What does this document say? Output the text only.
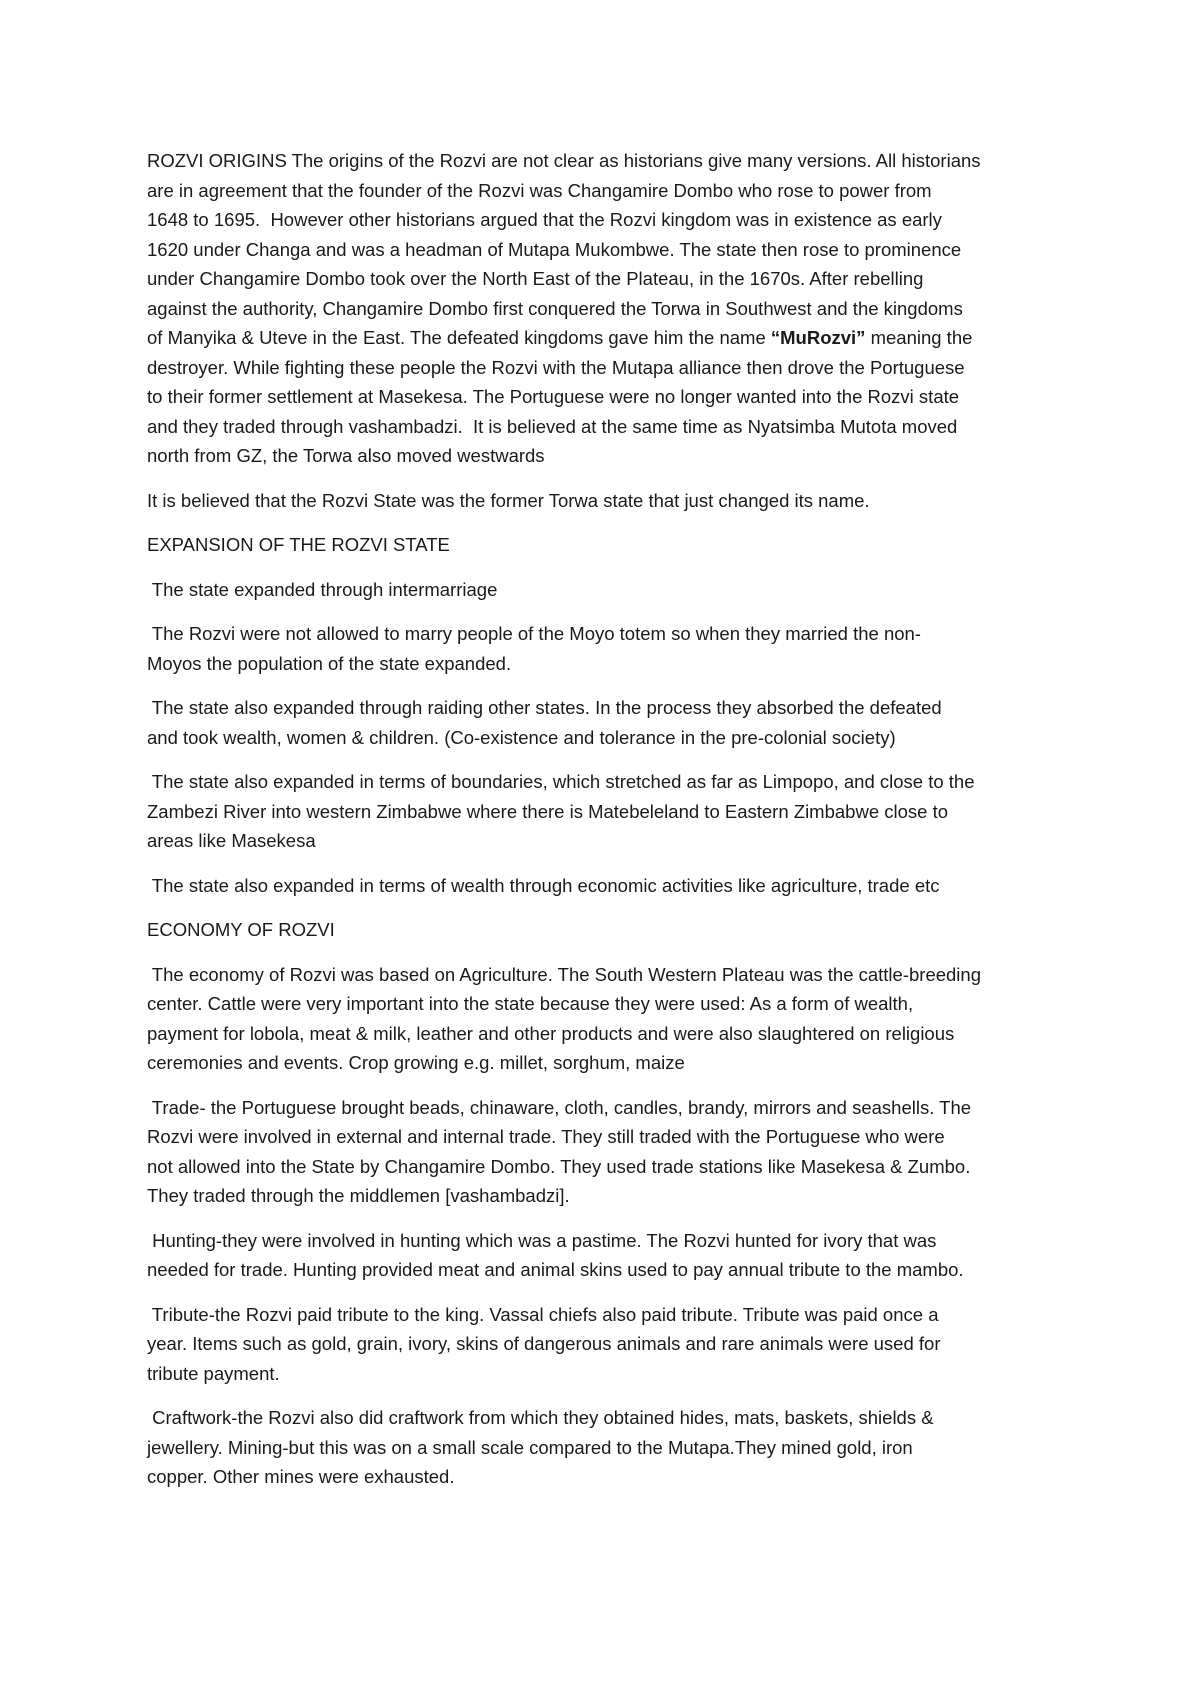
ROZVI ORIGINS The origins of the Rozvi are not clear as historians give many versions. All historians
are in agreement that the founder of the Rozvi was Changamire Dombo who rose to power from
1648 to 1695.  However other historians argued that the Rozvi kingdom was in existence as early
1620 under Changa and was a headman of Mutapa Mukombwe. The state then rose to prominence
under Changamire Dombo took over the North East of the Plateau, in the 1670s. After rebelling
against the authority, Changamire Dombo first conquered the Torwa in Southwest and the kingdoms
of Manyika & Uteve in the East. The defeated kingdoms gave him the name “MuRozvi” meaning the
destroyer. While fighting these people the Rozvi with the Mutapa alliance then drove the Portuguese
to their former settlement at Masekesa. The Portuguese were no longer wanted into the Rozvi state
and they traded through vashambadzi.  It is believed at the same time as Nyatsimba Mutota moved
north from GZ, the Torwa also moved westwards

It is believed that the Rozvi State was the former Torwa state that just changed its name.

EXPANSION OF THE ROZVI STATE

The state expanded through intermarriage

The Rozvi were not allowed to marry people of the Moyo totem so when they married the non-
Moyos the population of the state expanded.

The state also expanded through raiding other states. In the process they absorbed the defeated
and took wealth, women & children. (Co-existence and tolerance in the pre-colonial society)

The state also expanded in terms of boundaries, which stretched as far as Limpopo, and close to the
Zambezi River into western Zimbabwe where there is Matebeleland to Eastern Zimbabwe close to
areas like Masekesa

The state also expanded in terms of wealth through economic activities like agriculture, trade etc

ECONOMY OF ROZVI

The economy of Rozvi was based on Agriculture. The South Western Plateau was the cattle-breeding
center. Cattle were very important into the state because they were used: As a form of wealth,
payment for lobola, meat & milk, leather and other products and were also slaughtered on religious
ceremonies and events. Crop growing e.g. millet, sorghum, maize

Trade- the Portuguese brought beads, chinaware, cloth, candles, brandy, mirrors and seashells. The
Rozvi were involved in external and internal trade. They still traded with the Portuguese who were
not allowed into the State by Changamire Dombo. They used trade stations like Masekesa & Zumbo.
They traded through the middlemen [vashambadzi].

Hunting-they were involved in hunting which was a pastime. The Rozvi hunted for ivory that was
needed for trade. Hunting provided meat and animal skins used to pay annual tribute to the mambo.

Tribute-the Rozvi paid tribute to the king. Vassal chiefs also paid tribute. Tribute was paid once a
year. Items such as gold, grain, ivory, skins of dangerous animals and rare animals were used for
tribute payment.

Craftwork-the Rozvi also did craftwork from which they obtained hides, mats, baskets, shields &
jewellery. Mining-but this was on a small scale compared to the Mutapa.They mined gold, iron
copper. Other mines were exhausted.
